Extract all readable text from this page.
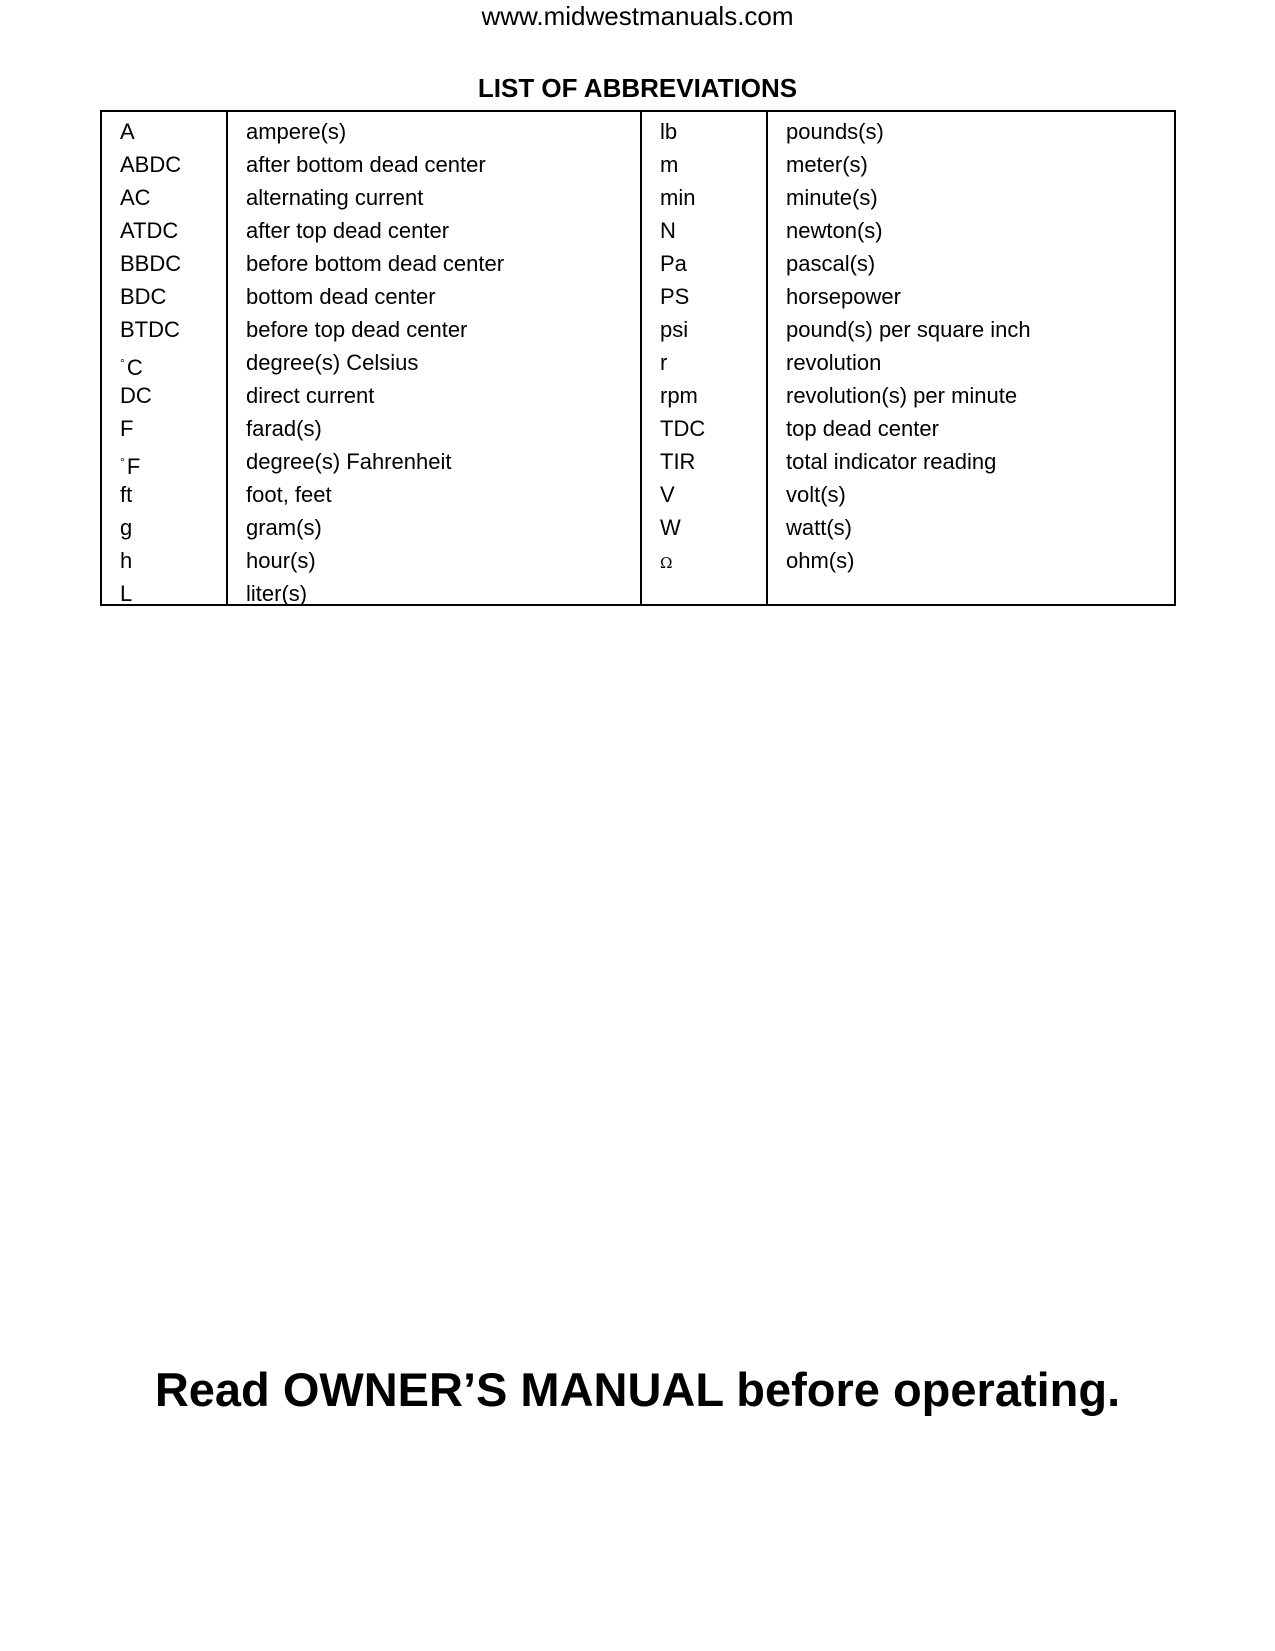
www.midwestmanuals.com
LIST OF ABBREVIATIONS
A
ABDC
AC
ATDC
BBDC
BDC
BTDC
°C
DC
F
°F
ft
g
h
L
ampere(s)
after bottom dead center
alternating current
after top dead center
before bottom dead center
bottom dead center
before top dead center
degree(s) Celsius
direct current
farad(s)
degree(s) Fahrenheit
foot, feet
gram(s)
hour(s)
liter(s)
lb
m
min
N
Pa
PS
psi
r
rpm
TDC
TIR
V
W
Ω
pounds(s)
meter(s)
minute(s)
newton(s)
pascal(s)
horsepower
pound(s) per square inch
revolution
revolution(s) per minute
top dead center
total indicator reading
volt(s)
watt(s)
ohm(s)
Read OWNER’S MANUAL before operating.
